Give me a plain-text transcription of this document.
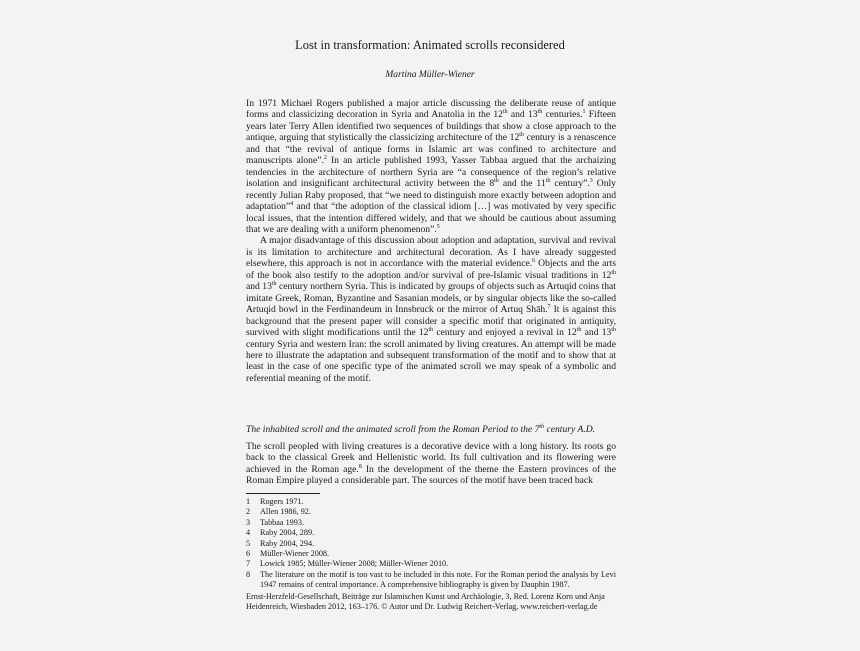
Lost in transformation: Animated scrolls reconsidered
Martina Müller-Wiener

In 1971 Michael Rogers published a major article discussing the deliberate reuse of antique forms and classicizing decoration in Syria and Anatolia in the 12th and 13th centuries.$^1$ Fifteen years later Terry Allen identified two sequences of buildings that show a close approach to the antique, arguing that stylistically the classicizing architecture of the 12th century is a renascence and that “the revival of antique forms in Islamic art was confined to architecture and manuscripts alone”.$^2$ In an article published 1993, Yasser Tabbaa argued that the archaizing tendencies in the architecture of northern Syria are “a consequence of the region’s relative isolation and insignificant architectural activity between the 8th and the 11th century”.$^3$ Only recently Julian Raby proposed, that “we need to distinguish more exactly between adoption and adaptation”$^4$ and that “the adoption of the classical idiom […] was motivated by very specific local issues, that the intention differed widely, and that we should be cautious about assuming that we are dealing with a uniform phenomenon”.$^5$

A major disadvantage of this discussion about adoption and adaptation, survival and revival is its limitation to architecture and architectural decoration. As I have already suggested elsewhere, this approach is not in accordance with the material evidence.$^6$ Objects and the arts of the book also testify to the adoption and/or survival of pre-Islamic visual traditions in 12th and 13th century northern Syria. This is indicated by groups of objects such as Artuqid coins that imitate Greek, Roman, Byzantine and Sasanian models, or by singular objects like the so-called Artuqid bowl in the Ferdinandeum in Innsbruck or the mirror of Artuq Shāh.$^7$ It is against this background that the present paper will consider a specific motif that originated in antiquity, survived with slight modifications until the 12th century and enjoyed a revival in 12th and 13th century Syria and western Iran: the scroll animated by living creatures. An attempt will be made here to illustrate the adaptation and subsequent transformation of the motif and to show that at least in the case of one specific type of the animated scroll we may speak of a symbolic and referential meaning of the motif.

The inhabited scroll and the animated scroll from the Roman Period to the 7th century A.D.
The scroll peopled with living creatures is a decorative device with a long history. Its roots go back to the classical Greek and Hellenistic world. Its full cultivation and its flowering were achieved in the Roman age.$^8$ In the development of the theme the Eastern provinces of the Roman Empire played a considerable part. The sources of the motif have been traced back
1	Rogers 1971.
2	Allen 1986, 92.
3	Tabbaa 1993.
4	Raby 2004, 289.
5	Raby 2004, 294.
6	Müller-Wiener 2008.
7	Lowick 1985; Müller-Wiener 2008; Müller-Wiener 2010.
8	The literature on the motif is too vast to be included in this note. For the Roman period the analysis by Levi 1947 remains of central importance. A comprehensive bibliography is given by Dauphin 1987.
Ernst-Herzfeld-Gesellschaft, Beiträge zur Islamischen Kunst und Archäologie, 3, Red. Lorenz Korn und Anja Heidenreich, Wiesbaden 2012, 163–176. © Autor und Dr. Ludwig Reichert-Verlag, www.reichert-verlag.de
